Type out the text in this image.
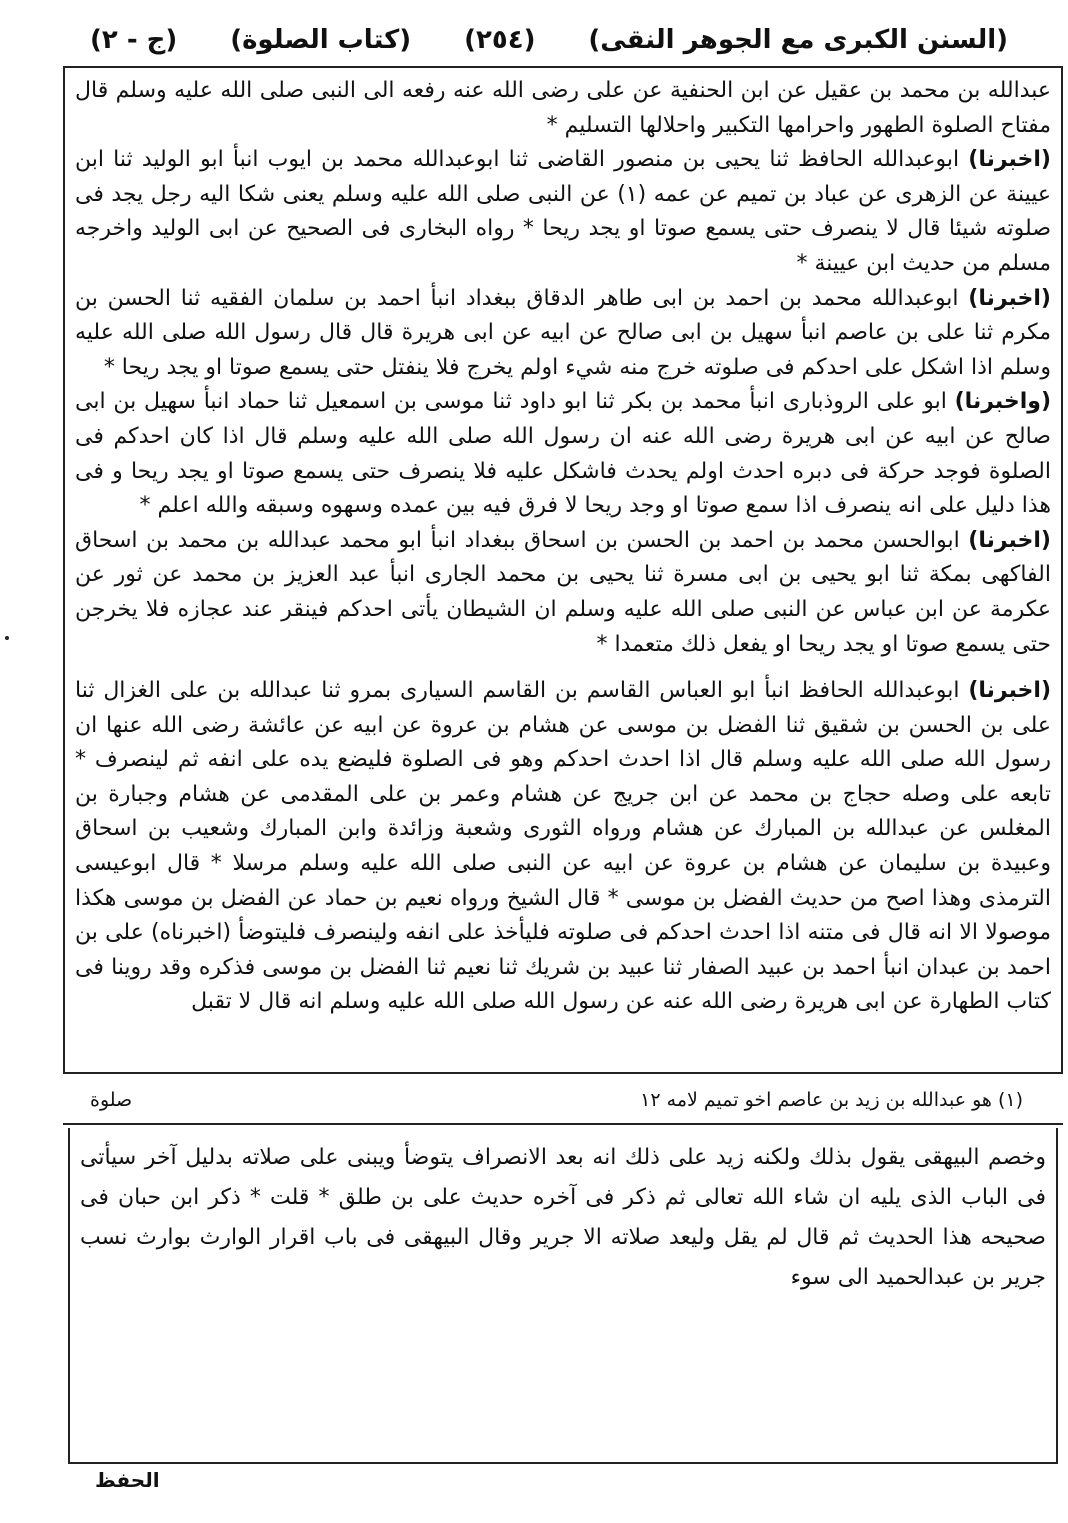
(السنن الكبرى مع الجوهر النقى)
(٢٥٤)
(كتاب الصلوة)
(ج - ٢)

عبدالله بن محمد بن عقيل عن ابن الحنفية عن على رضى الله عنه رفعه الى النبى صلى الله عليه وسلم قال مفتاح الصلوة الطهور واحرامها التكبير واحلالها التسليم *

(اخبرنا) ابوعبدالله الحافظ ثنا يحيى بن منصور القاضى ثنا ابوعبدالله محمد بن ايوب انبأ ابو الوليد ثنا ابن عيينة عن الزهرى عن عباد بن تميم عن عمه (١) عن النبى صلى الله عليه وسلم يعنى شكا اليه رجل يجد فى صلوته شيئا قال لا ينصرف حتى يسمع صوتا او يجد ريحا * رواه البخارى فى الصحيح عن ابى الوليد واخرجه مسلم من حديث ابن عيينة *

(اخبرنا) ابوعبدالله محمد بن احمد بن ابى طاهر الدقاق ببغداد انبأ احمد بن سلمان الفقيه ثنا الحسن بن مكرم ثنا على بن عاصم انبأ سهيل بن ابى صالح عن ابيه عن ابى هريرة قال قال رسول الله صلى الله عليه وسلم اذا اشكل على احدكم فى صلوته خرج منه شيء اولم يخرج فلا ينفتل حتى يسمع صوتا او يجد ريحا *

(واخبرنا) ابو على الروذبارى انبأ محمد بن بكر ثنا ابو داود ثنا موسى بن اسمعيل ثنا حماد انبأ سهيل بن ابى صالح عن ابيه عن ابى هريرة رضى الله عنه ان رسول الله صلى الله عليه وسلم قال اذا كان احدكم فى الصلوة فوجد حركة فى دبره احدث اولم يحدث فاشكل عليه فلا ينصرف حتى يسمع صوتا او يجد ريحا و فى هذا دليل على انه ينصرف اذا سمع صوتا او وجد ريحا لا فرق فيه بين عمده وسهوه وسبقه والله اعلم *

(اخبرنا) ابوالحسن محمد بن احمد بن الحسن بن اسحاق ببغداد انبأ ابو محمد عبدالله بن محمد بن اسحاق الفاكهى بمكة ثنا ابو يحيى بن ابى مسرة ثنا يحيى بن محمد الجارى انبأ عبد العزيز بن محمد عن ثور عن عكرمة عن ابن عباس عن النبى صلى الله عليه وسلم ان الشيطان يأتى احدكم فينقر عند عجازه فلا يخرجن حتى يسمع صوتا او يجد ريحا او يفعل ذلك متعمدا *

(اخبرنا) ابوعبدالله الحافظ انبأ ابو العباس القاسم بن القاسم السيارى بمرو ثنا عبدالله بن على الغزال ثنا على بن الحسن بن شقيق ثنا الفضل بن موسى عن هشام بن عروة عن ابيه عن عائشة رضى الله عنها ان رسول الله صلى الله عليه وسلم قال اذا احدث احدكم وهو فى الصلوة فليضع يده على انفه ثم لينصرف * تابعه على وصله حجاج بن محمد عن ابن جريج عن هشام وعمر بن على المقدمى عن هشام وجبارة بن المغلس عن عبدالله بن المبارك عن هشام ورواه الثورى وشعبة وزائدة وابن المبارك وشعيب بن اسحاق وعبيدة بن سليمان عن هشام بن عروة عن ابيه عن النبى صلى الله عليه وسلم مرسلا * قال ابوعيسى الترمذى وهذا اصح من حديث الفضل بن موسى * قال الشيخ ورواه نعيم بن حماد عن الفضل بن موسى هكذا موصولا الا انه قال فى متنه اذا احدث احدكم فى صلوته فليأخذ على انفه ولينصرف فليتوضأ (اخبرناه) على بن احمد بن عبدان انبأ احمد بن عبيد الصفار ثنا عبيد بن شريك ثنا نعيم ثنا الفضل بن موسى فذكره وقد روينا فى كتاب الطهارة عن ابى هريرة رضى الله عنه عن رسول الله صلى الله عليه وسلم انه قال لا تقبل

(١) هو عبدالله بن زيد بن عاصم اخو تميم لامه ١٢
صلوة

وخصم البيهقى يقول بذلك ولكنه زيد على ذلك انه بعد الانصراف يتوضأ ويبنى على صلاته بدليل آخر سيأتى فى الباب الذى يليه ان شاء الله تعالى ثم ذكر فى آخره حديث على بن طلق * قلت * ذكر ابن حبان فى صحيحه هذا الحديث ثم قال لم يقل وليعد صلاته الا جرير وقال البيهقى فى باب اقرار الوارث بوارث نسب جرير بن عبدالحميد الى سوء

الحفظ
